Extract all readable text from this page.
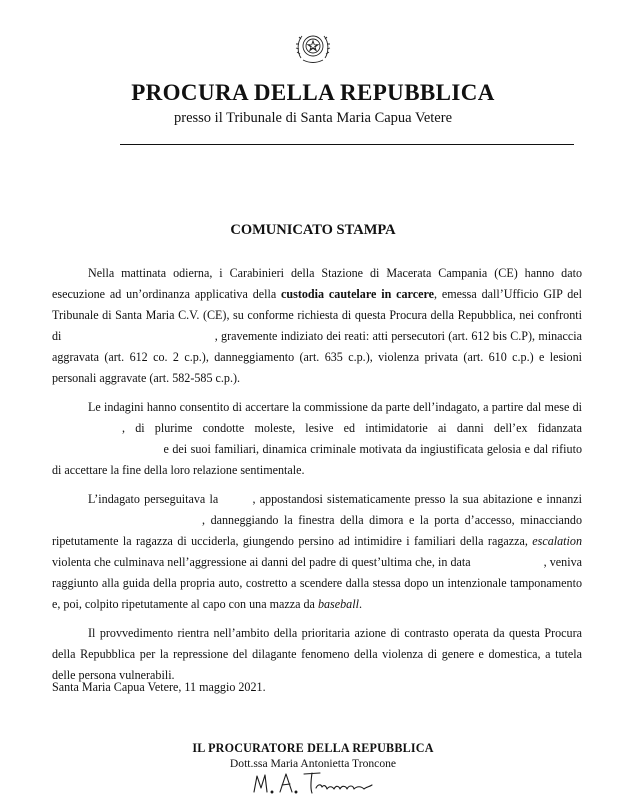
PROCURA DELLA REPUBBLICA
presso il Tribunale di Santa Maria Capua Vetere
COMUNICATO STAMPA

Nella mattinata odierna, i Carabinieri della Stazione di Macerata Campania (CE) hanno dato esecuzione ad un’ordinanza applicativa della custodia cautelare in carcere, emessa dall’Ufficio GIP del Tribunale di Santa Maria C.V. (CE), su conforme richiesta di questa Procura della Repubblica, nei confronti di	, gravemente indiziato dei reati: atti persecutori (art. 612 bis C.P), minaccia aggravata (art. 612 co. 2 c.p.), danneggiamento (art. 635 c.p.), violenza privata (art. 610 c.p.) e lesioni personali aggravate (art. 582-585 c.p.).

Le indagini hanno consentito di accertare la commissione da parte dell’indagato, a partire dal mese di , di plurime condotte moleste, lesive ed intimidatorie ai danni dell’ex fidanzata  e dei suoi familiari, dinamica criminale motivata da ingiustificata gelosia e dal rifiuto di accettare la fine della loro relazione sentimentale.

L’indagato perseguitava la , appostandosi sistematicamente presso la sua abitazione e innanzi , danneggiando la finestra della dimora e la porta d’accesso, minacciando ripetutamente la ragazza di ucciderla, giungendo persino ad intimidire i familiari della ragazza, escalation violenta che culminava nell’aggressione ai danni del padre di quest’ultima che, in data	, veniva raggiunto alla guida della propria auto, costretto a scendere dalla stessa dopo un intenzionale tamponamento e, poi, colpito ripetutamente al capo con una mazza da baseball.

Il provvedimento rientra nell’ambito della prioritaria azione di contrasto operata da questa Procura della Repubblica per la repressione del dilagante fenomeno della violenza di genere e domestica, a tutela delle persona vulnerabili.

Santa Maria Capua Vetere, 11 maggio 2021.
IL PROCURATORE DELLA REPUBBLICA
Dott.ssa Maria Antonietta Troncone
